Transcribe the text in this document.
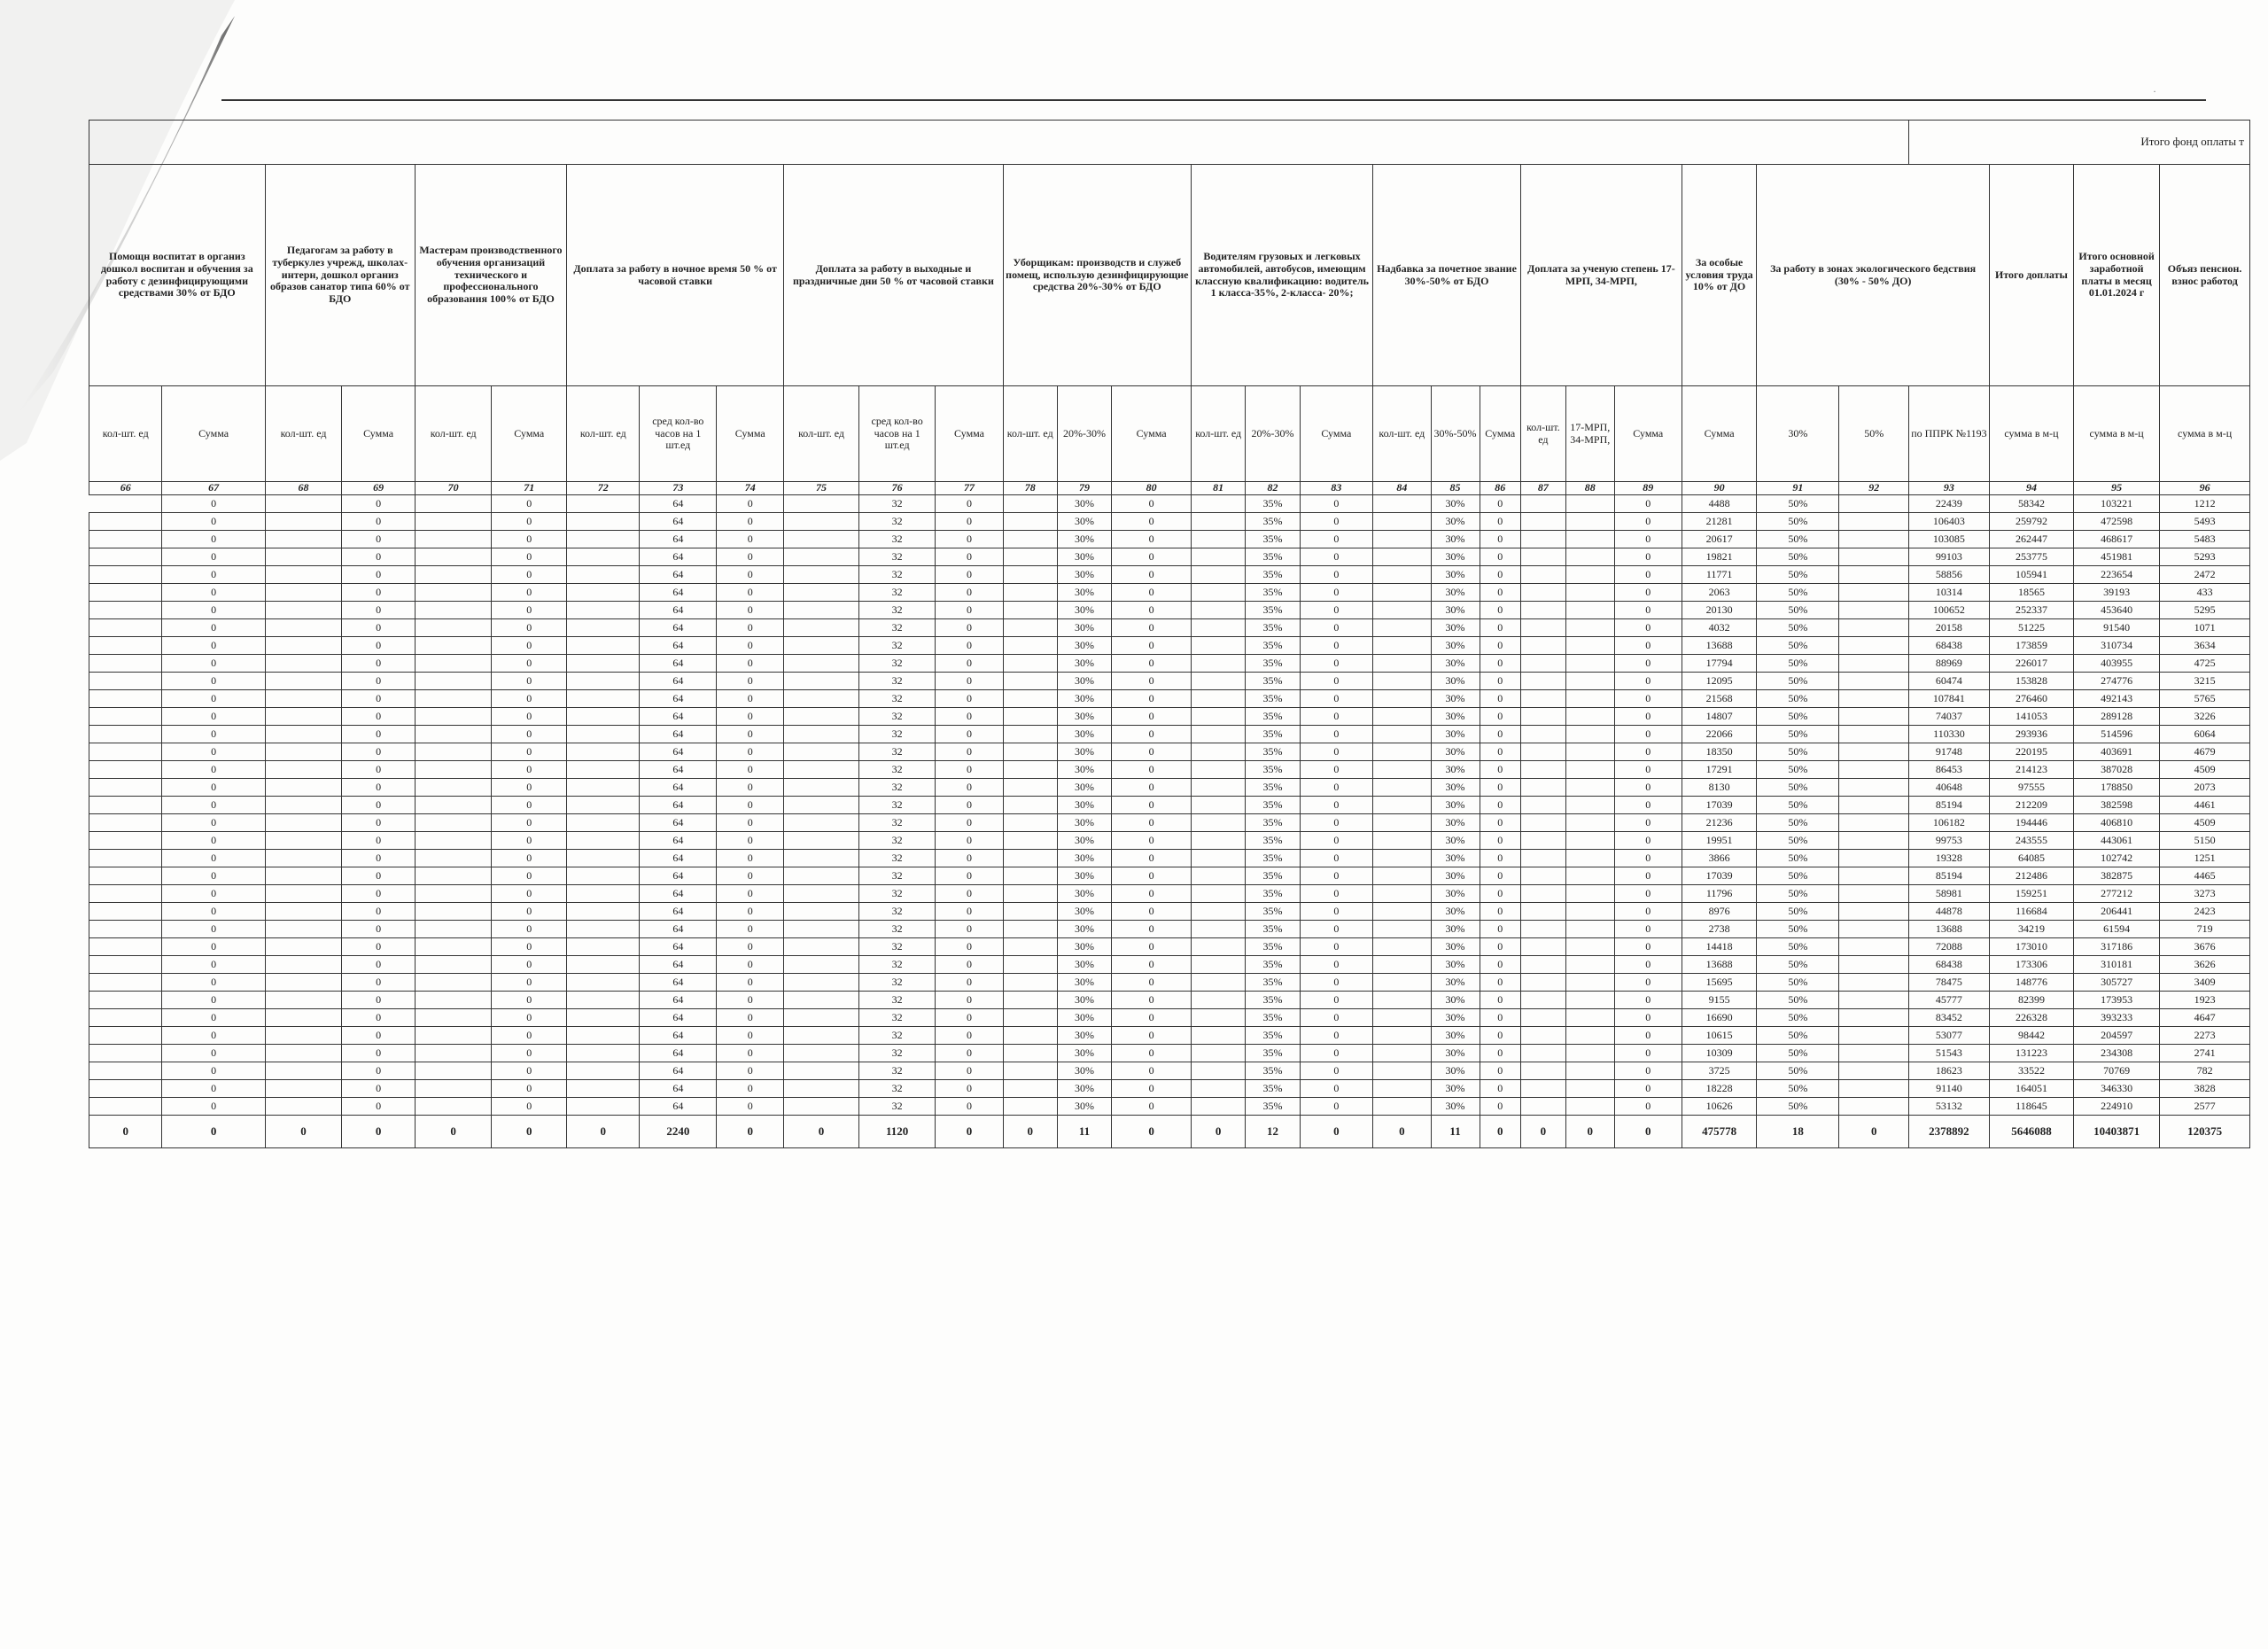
·
																											Итого фонд оплаты т			
Помощн воспитат в организ дошкол воспитан и обучения за работу с дезинфицирующими средствами 30% от БДО		Педагогам за работу в туберкулез учрежд, школах-интерн, дошкол организ образов санатор типа 60% от БДО		Мастерам производственного обучения организаций технического и профессионального образования 100% от БДО		Доплата за работу в ночное время 50 % от часовой ставки			Доплата за работу в выходные и праздничные дни 50 % от часовой ставки			Уборщикам: производств и служеб помещ, использую дезинфицирующие средства 20%-30% от БДО			Водителям грузовых и легковых автомобилей, автобусов, имеющим классную квалификацию: водитель 1 класса-35%, 2-класса- 20%;			Надбавка за почетное звание 30%-50% от БДО			Доплата за ученую степень 17-МРП, 34-МРП,			За особые условия труда 10% от ДО	За работу в зонах экологического бедствия (30% - 50% ДО)			Итого доплаты	Итого основной заработной платы в месяц 01.01.2024 г	Объяз пенсион. взнос работод
кол-шт. ед	Сумма	кол-шт. ед	Сумма	кол-шт. ед	Сумма	кол-шт. ед	сред кол-во часов на 1 шт.ед	Сумма	кол-шт. ед	сред кол-во часов на 1 шт.ед	Сумма	кол-шт. ед	20%-30%	Сумма	кол-шт. ед	20%-30%	Сумма	кол-шт. ед	30%-50%	Сумма	кол-шт. ед	17-МРП, 34-МРП,	Сумма	Сумма	30%	50%	по ППРК №1193	сумма в м-ц	сумма в м-ц	сумма в м-ц
66	67	68	69	70	71	72	73	74	75	76	77	78	79	80	81	82	83	84	85	86	87	88	89	90	91	92	93	94	95	96
	0		0		0		64	0		32	0		30%	0		35%	0		30%	0			0	4488	50%		22439	58342	103221	1212
	0		0		0		64	0		32	0		30%	0		35%	0		30%	0			0	21281	50%		106403	259792	472598	5493
	0		0		0		64	0		32	0		30%	0		35%	0		30%	0			0	20617	50%		103085	262447	468617	5483
	0		0		0		64	0		32	0		30%	0		35%	0		30%	0			0	19821	50%		99103	253775	451981	5293
	0		0		0		64	0		32	0		30%	0		35%	0		30%	0			0	11771	50%		58856	105941	223654	2472
	0		0		0		64	0		32	0		30%	0		35%	0		30%	0			0	2063	50%		10314	18565	39193	433
	0		0		0		64	0		32	0		30%	0		35%	0		30%	0			0	20130	50%		100652	252337	453640	5295
	0		0		0		64	0		32	0		30%	0		35%	0		30%	0			0	4032	50%		20158	51225	91540	1071
	0		0		0		64	0		32	0		30%	0		35%	0		30%	0			0	13688	50%		68438	173859	310734	3634
	0		0		0		64	0		32	0		30%	0		35%	0		30%	0			0	17794	50%		88969	226017	403955	4725
	0		0		0		64	0		32	0		30%	0		35%	0		30%	0			0	12095	50%		60474	153828	274776	3215
	0		0		0		64	0		32	0		30%	0		35%	0		30%	0			0	21568	50%		107841	276460	492143	5765
	0		0		0		64	0		32	0		30%	0		35%	0		30%	0			0	14807	50%		74037	141053	289128	3226
	0		0		0		64	0		32	0		30%	0		35%	0		30%	0			0	22066	50%		110330	293936	514596	6064
	0		0		0		64	0		32	0		30%	0		35%	0		30%	0			0	18350	50%		91748	220195	403691	4679
	0		0		0		64	0		32	0		30%	0		35%	0		30%	0			0	17291	50%		86453	214123	387028	4509
	0		0		0		64	0		32	0		30%	0		35%	0		30%	0			0	8130	50%		40648	97555	178850	2073
	0		0		0		64	0		32	0		30%	0		35%	0		30%	0			0	17039	50%		85194	212209	382598	4461
	0		0		0		64	0		32	0		30%	0		35%	0		30%	0			0	21236	50%		106182	194446	406810	4509
	0		0		0		64	0		32	0		30%	0		35%	0		30%	0			0	19951	50%		99753	243555	443061	5150
	0		0		0		64	0		32	0		30%	0		35%	0		30%	0			0	3866	50%		19328	64085	102742	1251
	0		0		0		64	0		32	0		30%	0		35%	0		30%	0			0	17039	50%		85194	212486	382875	4465
	0		0		0		64	0		32	0		30%	0		35%	0		30%	0			0	11796	50%		58981	159251	277212	3273
	0		0		0		64	0		32	0		30%	0		35%	0		30%	0			0	8976	50%		44878	116684	206441	2423
	0		0		0		64	0		32	0		30%	0		35%	0		30%	0			0	2738	50%		13688	34219	61594	719
	0		0		0		64	0		32	0		30%	0		35%	0		30%	0			0	14418	50%		72088	173010	317186	3676
	0		0		0		64	0		32	0		30%	0		35%	0		30%	0			0	13688	50%		68438	173306	310181	3626
	0		0		0		64	0		32	0		30%	0		35%	0		30%	0			0	15695	50%		78475	148776	305727	3409
	0		0		0		64	0		32	0		30%	0		35%	0		30%	0			0	9155	50%		45777	82399	173953	1923
	0		0		0		64	0		32	0		30%	0		35%	0		30%	0			0	16690	50%		83452	226328	393233	4647
	0		0		0		64	0		32	0		30%	0		35%	0		30%	0			0	10615	50%		53077	98442	204597	2273
	0		0		0		64	0		32	0		30%	0		35%	0		30%	0			0	10309	50%		51543	131223	234308	2741
	0		0		0		64	0		32	0		30%	0		35%	0		30%	0			0	3725	50%		18623	33522	70769	782
	0		0		0		64	0		32	0		30%	0		35%	0		30%	0			0	18228	50%		91140	164051	346330	3828
	0		0		0		64	0		32	0		30%	0		35%	0		30%	0			0	10626	50%		53132	118645	224910	2577
0	0	0	0	0	0	0	2240	0	0	1120	0	0	11	0	0	12	0	0	11	0	0	0	0	475778	18	0	2378892	5646088	10403871	120375
